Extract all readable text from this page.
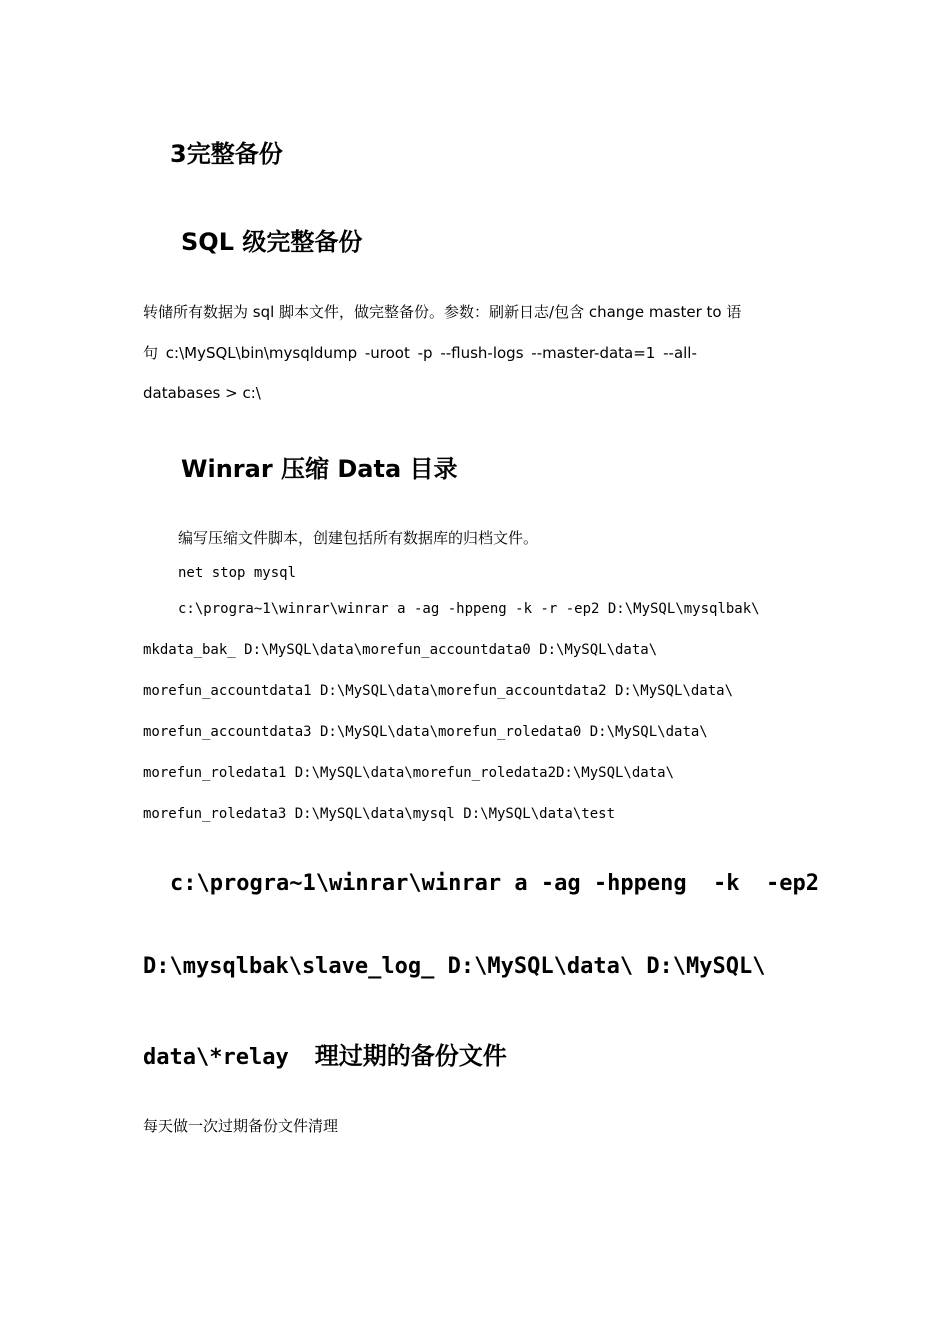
3完整备份
SQL 级完整备份
转储所有数据为 sql 脚本文件，做完整备份。参数：刷新日志/包含 change master to 语
句 c:\MySQL\bin\mysqldump -uroot -p --flush-logs --master-data=1 --all-
databases > c:\
Winrar 压缩 Data 目录
编写压缩文件脚本，创建包括所有数据库的归档文件。
net stop mysql
c:\progra~1\winrar\winrar a -ag -hppeng -k -r -ep2 D:\MySQL\mysqlbak\
mkdata_bak_ D:\MySQL\data\morefun_accountdata0 D:\MySQL\data\
morefun_accountdata1 D:\MySQL\data\morefun_accountdata2 D:\MySQL\data\
morefun_accountdata3 D:\MySQL\data\morefun_roledata0 D:\MySQL\data\
morefun_roledata1 D:\MySQL\data\morefun_roledata2D:\MySQL\data\
morefun_roledata3 D:\MySQL\data\mysql D:\MySQL\data\test
c:\progra~1\winrar\winrar a -ag -hppeng  -k  -ep2
D:\mysqlbak\slave_log_ D:\MySQL\data\ D:\MySQL\
data\*relay 理过期的备份文件
每天做一次过期备份文件清理
